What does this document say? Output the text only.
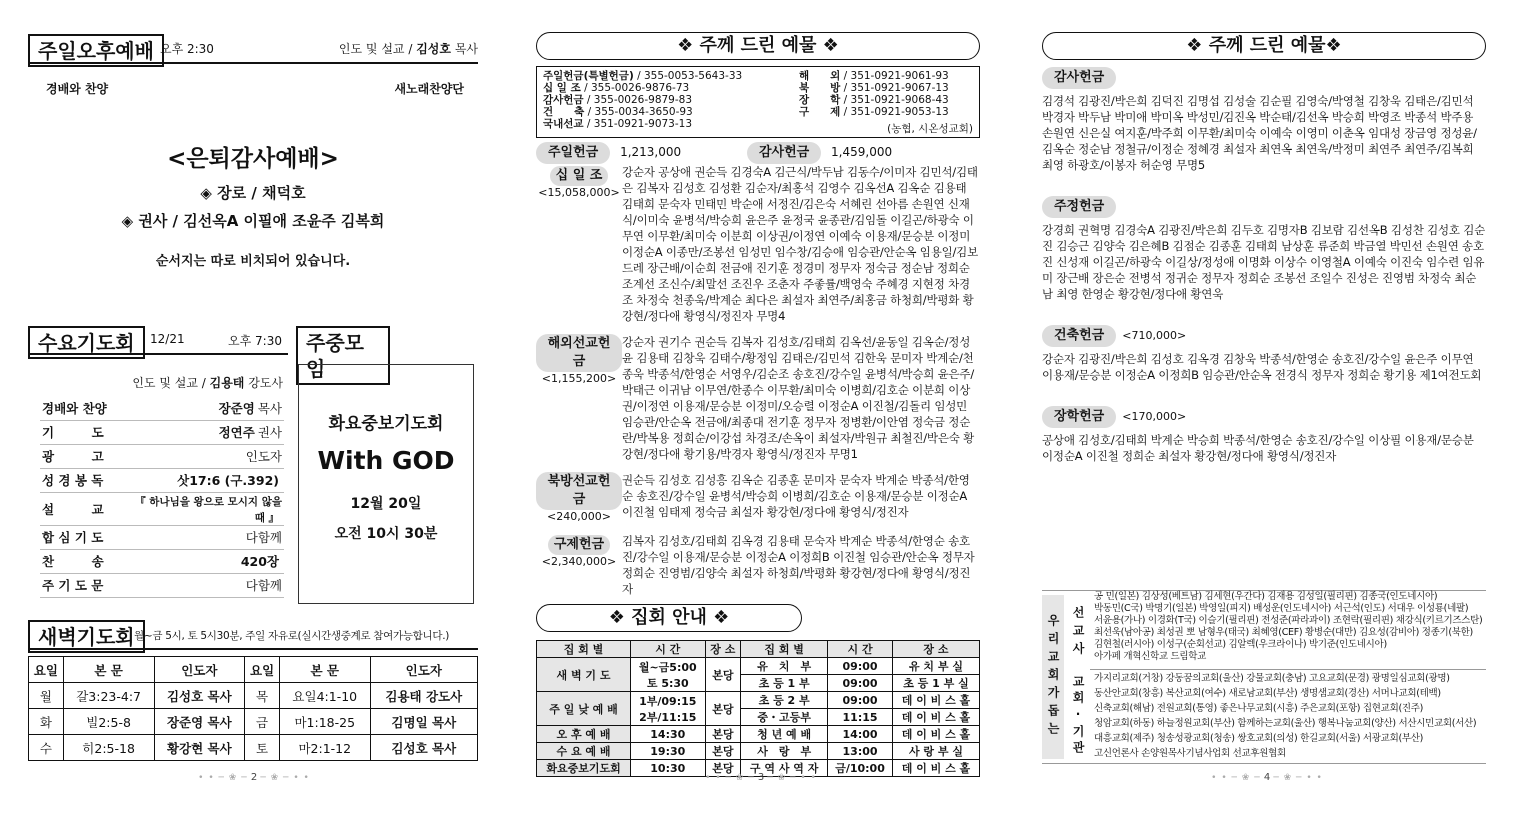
주일오후예배 오후 2:30	인도 및 설교 / 김성호 목사
경배와 찬양	새노래찬양단
<은퇴감사예배>
◈ 장로 / 채덕호
◈ 권사 / 김선옥A 이필애 조윤주 김복희
순서지는 따로 비치되어 있습니다.
수요기도회 12/21	오후 7:30	주중모임
인도 및 설교 / 김용태 강도사
경배와 찬양	장준영 목사
기　　　도	정연주 권사
광　　　고	인도자
성 경 봉 독	삿17:6 (구.392)
설　　　교	『 하나님을 왕으로 모시지 않을 때 』
합 심 기 도	다함께
찬　　　송	420장
주 기 도 문	다함께
화요중보기도회
With GOD
12월 20일
오전 10시 30분
새벽기도회 월~금 5시, 토 5시30분, 주일 자유로(실시간생중계로 참여가능합니다.)
요일	본 문	인도자	요일	본 문	인도자
월	갈3:23-4:7	김성호 목사	목	요일4:1-10	김용태 강도사
화	빌2:5-8	장준영 목사	금	마1:18-25	김명일 목사
수	히2:5-18	황강현 목사	토	마2:1-12	김성호 목사
• • ─ ❀ ─ 2 ─ ❀ ─ • •
❖ 주께 드린 예물 ❖
주일헌금(특별헌금) / 355-0053-5643-33
십 일 조 / 355-0026-9876-73
감사헌금 / 355-0026-9879-83
건　　축 / 355-0034-3650-93
국내선교 / 351-0921-9073-13
해　　외 / 351-0921-9061-93
북　　방 / 351-0921-9067-13
장　　학 / 351-0921-9068-43
구　　제 / 351-0921-9053-13
(농협, 시온성교회)
주일헌금 1,213,000	감사헌금 1,459,000
십 일 조
<15,058,000>
강순자 공상애 권순득 김경숙A 김근식/박두남 김동수/이미자 김민석/김태은 김복자 김성호 김성환 김순자/최홍석 김영수 김옥선A 김옥순 김용태 김태희 문숙자 민태민 박순애 서정진/김은숙 서혜린 선아름 손원연 신재식/이미숙 윤병석/박승희 윤은주 윤정국 윤종관/김임돌 이길곤/하광숙 이무연 이무환/최미숙 이분희 이상권/이정연 이예숙 이용재/문승분 이정미 이정순A 이종만/조봉선 임성민 임수창/김승애 임승관/안순옥 임용일/김보드레 장근배/이순희 전금애 진기훈 정경미 정무자 정숙금 정순남 정희순 조계선 조신수/최말선 조진우 조춘자 주좋률/백영숙 주혜경 지현정 차경조 차정숙 천종욱/박계순 최다은 최설자 최연주/최홍금 하청희/박평화 황강현/정다애 황영식/정진자 무명4
해외선교헌금
<1,155,200>
강순자 권기수 권순득 김복자 김성호/김태희 김옥선/윤동일 김옥순/정성윤 김용태 김창욱 김태수/황정임 김태은/김민석 김한욱 문미자 박계순/천종욱 박종석/한영순 서영우/김순조 송호진/강수일 윤병석/박승희 윤은주/박태근 이귀남 이무연/한종수 이무환/최미숙 이병희/김호순 이분희 이상권/이정연 이용재/문승분 이정미/오승렬 이정순A 이진철/김돌리 임성민 임승관/안순옥 전금애/최종대 전기훈 정무자 정병환/이안염 정숙금 정순란/박복용 정희순/이강섭 차경조/손옥이 최설자/박원규 최철진/박은숙 황강현/정다애 황기용/박경자 황영식/정진자 무명1
북방선교헌금
<240,000>
권순득 김성호 김성흥 김옥순 김종훈 문미자 문숙자 박계순 박종석/한영순 송호진/강수일 윤병석/박승희 이병희/김호순 이용재/문승분 이정순A 이진철 임태제 정숙금 최설자 황강현/정다애 황영식/정진자
구제헌금
<2,340,000>
김복자 김성호/김태희 김옥경 김용태 문숙자 박계순 박종석/한영순 송호진/강수일 이용재/문승분 이정순A 이정희B 이진철 임승관/안순옥 정무자 정희순 진영범/김양숙 최설자 하청희/박평화 황강현/정다애 황영식/정진자
❖ 집회 안내 ❖
집 회 별	시 간	장 소	집 회 별	시 간	장 소
새 벽 기 도	월~금5:00
토 5:30	본당	유　치　부	09:00	유 치 부 실
			초 등 1 부	09:00	초 등 1 부 실
주 일 낮 예 배	1부/09:15
2부/11:15	본당	초 등 2 부	09:00	데 이 비 스 홀
			중・고등부	11:15	데 이 비 스 홀
오 후 예 배	14:30	본당	청 년 예 배	14:00	데 이 비 스 홀
수 요 예 배	19:30	본당	사　랑　부	13:00	사 랑 부 실
화요중보기도회	10:30	본당	구 역 사 역 자	금/10:00	데 이 비 스 홀
• • ─ ❀ ─ 3 ─ ❀ ─ • •
❖ 주께 드린 예물❖
감사헌금
김경석 김광진/박은희 김덕진 김명섭 김성술 김순필 김영숙/박영철 김창욱 김태은/김민석 박경자 박두남 박미애 박미옥 박성민/김진옥 박순태/김선옥 박승희 박영조 박종석 박주용 손원연 신은실 여지훈/박주희 이무환/최미숙 이예숙 이영미 이춘옥 임대성 장금영 정성윤/김옥순 정순남 정철규/이정순 정혜경 최설자 최연옥 최연욱/박정미 최연주 최연주/김복희 최영 하광호/이봉자 허순영 무명5
주정헌금
강경희 권혁명 김경숙A 김광진/박은희 김두호 김명자B 김보람 김선옥B 김성찬 김성호 김순진 김승근 김양숙 김은혜B 김점순 김종훈 김태희 남상훈 류준희 박금열 박민선 손원연 송호진 신성재 이길곤/하광숙 이길상/정성애 이명화 이상수 이영철A 이예숙 이진숙 임수련 임유미 장근배 장은순 전병석 정귀순 정무자 정희순 조봉선 조일수 진성은 진영범 차정숙 최순남 최영 한영순 황강현/정다애 황연욱
건축헌금 <710,000>
강순자 김광진/박은희 김성호 김옥경 김창욱 박종석/한영순 송호진/강수일 윤은주 이무연 이용재/문승분 이정순A 이정희B 임승관/안순옥 전경식 정무자 정희순 황기용 제1여전도회
장학헌금 <170,000>
공상애 김성호/김태희 박계순 박승희 박종석/한영순 송호진/강수일 이상필 이용재/문승분 이정순A 이진철 정희순 최설자 황강현/정다애 황영식/정진자
우리교회가돕는 선교사
교회·기관
공 민(일본) 김상성(베트남) 김세현(우간다) 김재용 김성일(필리핀) 김종국(인도네시아)
박동민(C국) 박명기(일본) 박영일(피지) 배성운(인도네시아) 서근석(인도) 서대우 이성룡(네팔)
서윤용(가나) 이경화(T국) 이슬기(필리핀) 전성준(파라과이) 조현락(필리핀) 채강식(키르기즈스탄)
최선욱(남아공) 최성권 뽀 남형우(태국) 최혜영(CEF) 황병순(대만) 김요성(감비아) 정종기(북한)
김현철(러시아) 이성구(순회선교) 김알렉(우크라이나) 박기준(인도네시아)
아가페 개혁신학교 드림학교
가지리교회(거창) 강동꿈의교회(울산) 강물교회(충남) 고요교회(문경) 광명일심교회(광명)
동산안교회(창흥) 복산교회(여수) 새로남교회(부산) 생명샘교회(경산) 서머나교회(테백)
신축교회(해남) 전원교회(통영) 좋은나무교회(시흥) 주은교회(포항) 집현교회(진주)
청암교회(하동) 하늘정원교회(부산) 함께하는교회(울산) 행복나눔교회(양산) 서산시민교회(서산)
대흥교회(제주) 청송성광교회(청송) 쌍호교회(의성) 한길교회(서울) 서광교회(부산)
고신언론사 손양원목사기념사업회 선교후원협회
• • ─ ❀ ─ 4 ─ ❀ ─ • •
